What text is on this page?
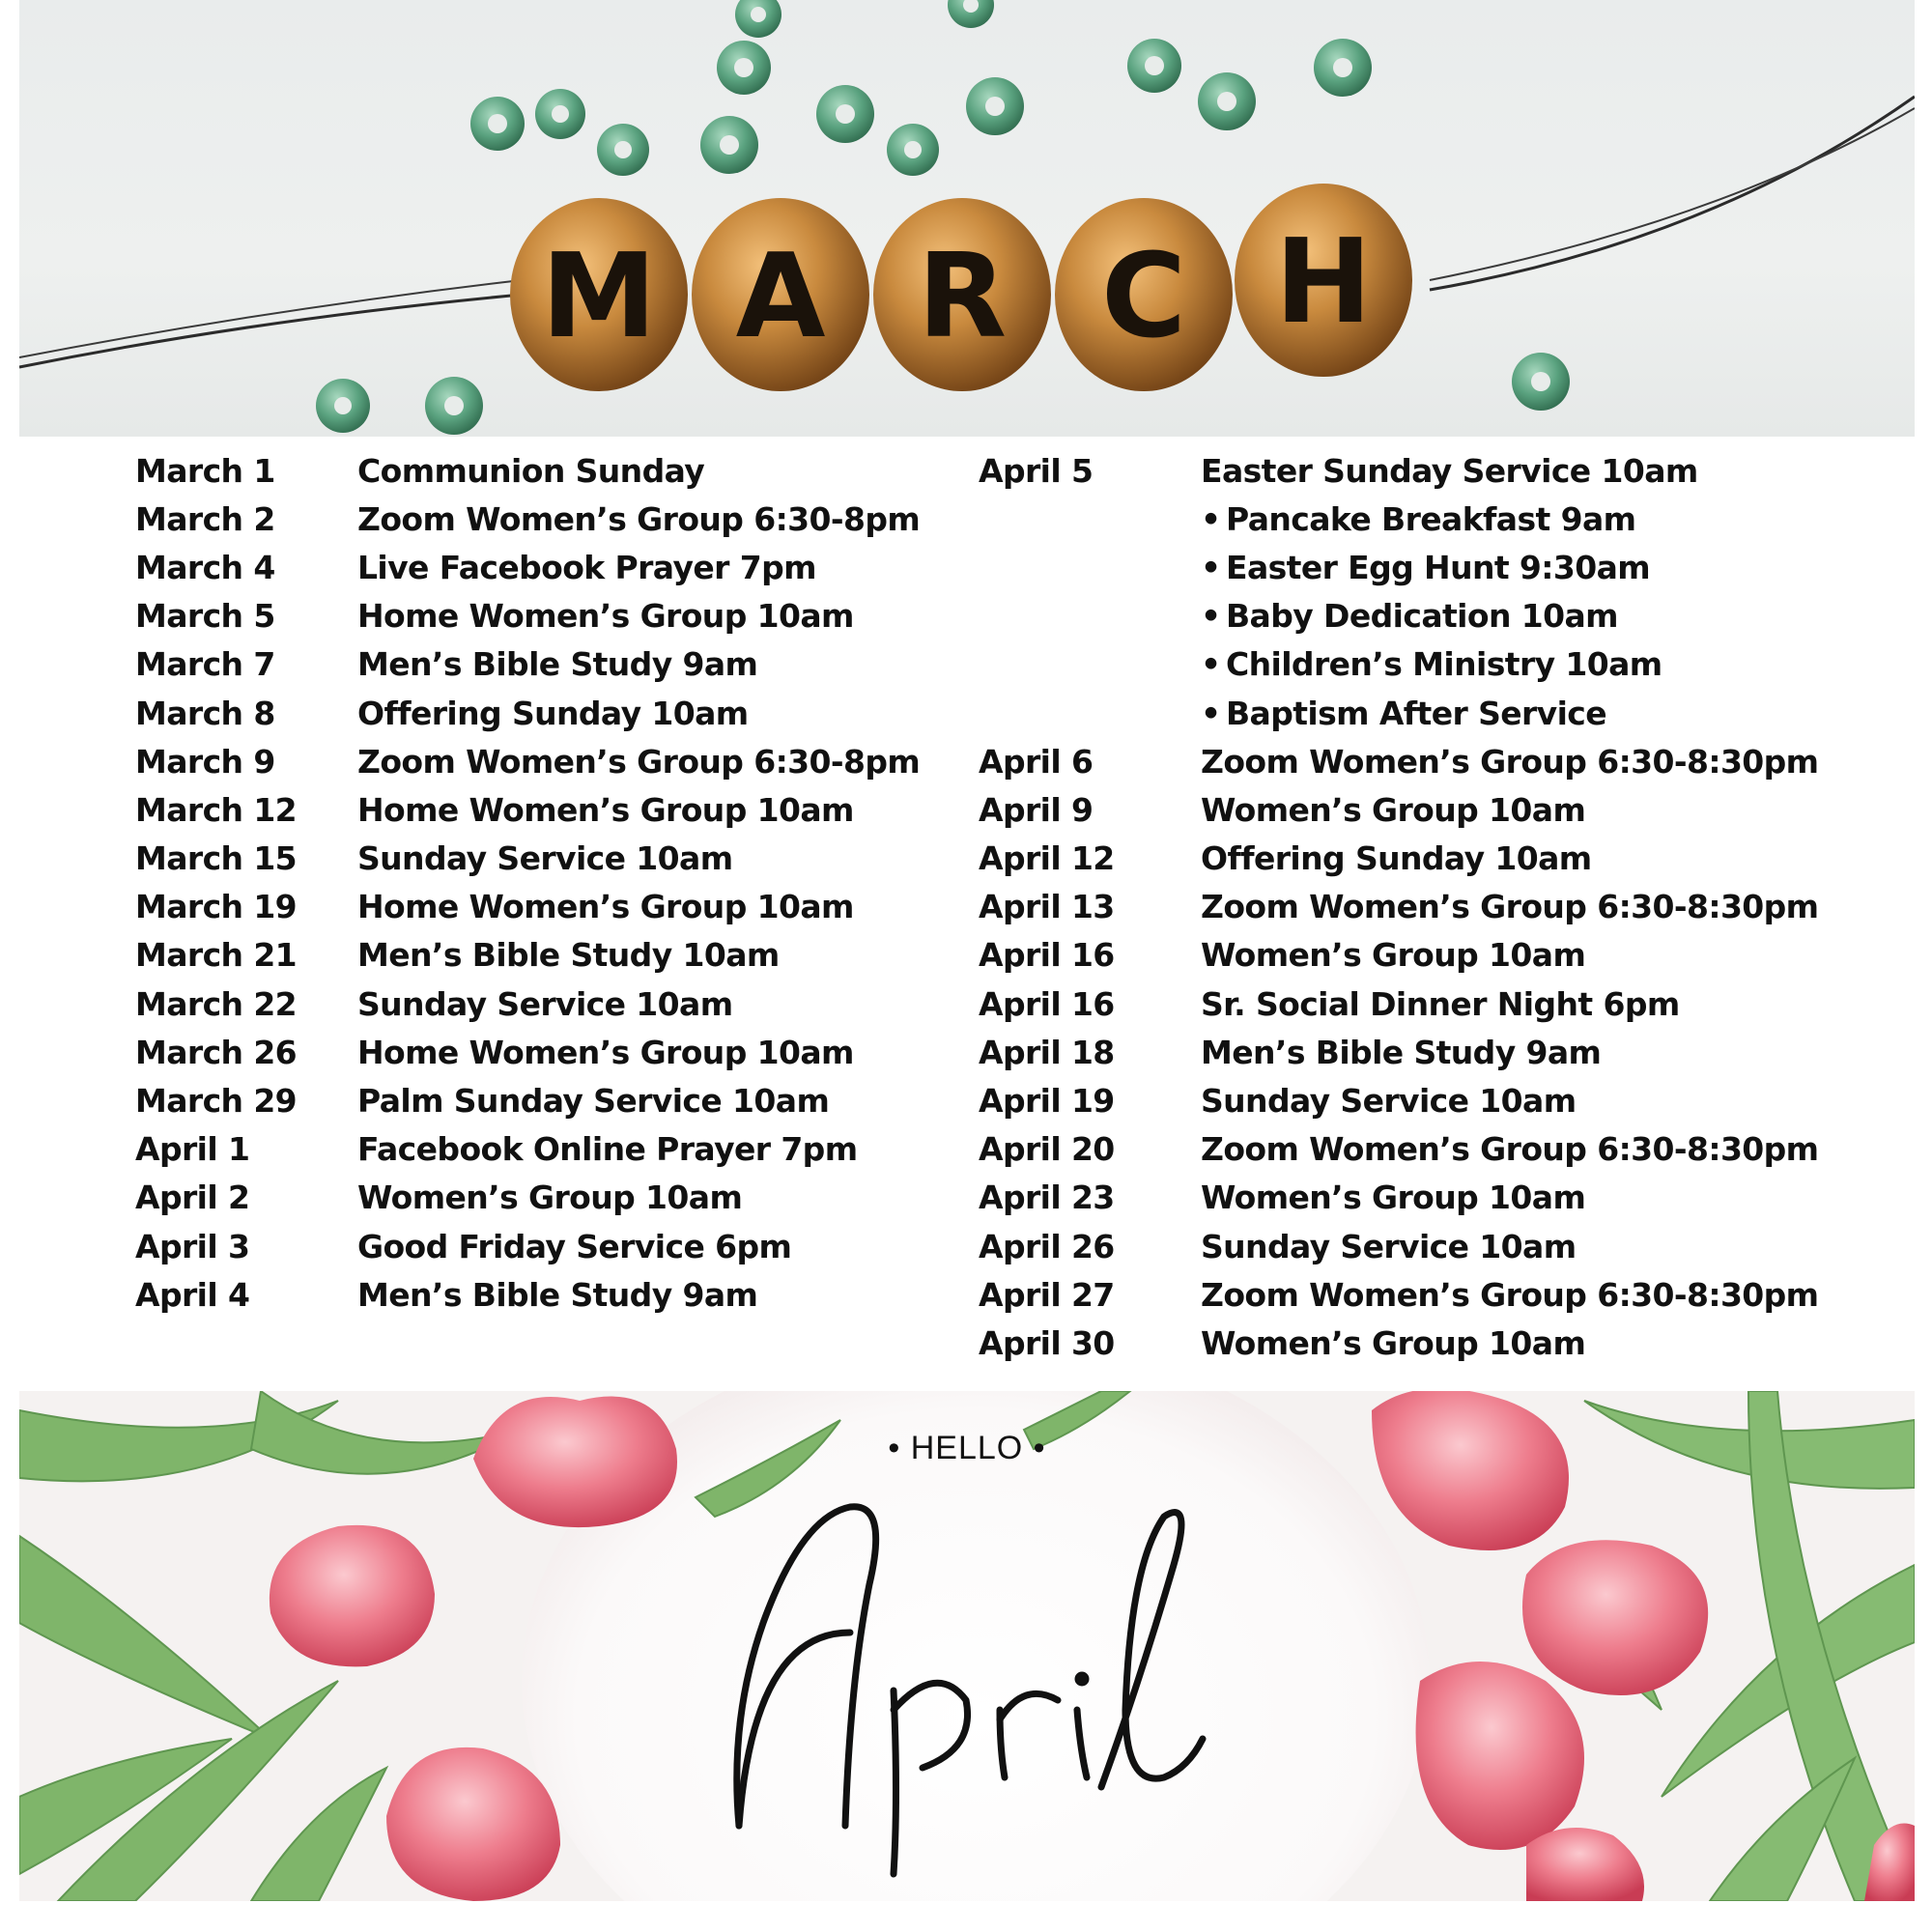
M A R C H
March 1	Communion Sunday
March 2	Zoom Women’s Group 6:30-8pm
March 4	Live Facebook Prayer 7pm
March 5	Home Women’s Group 10am
March 7	Men’s Bible Study 9am
March 8	Offering Sunday 10am
March 9	Zoom Women’s Group 6:30-8pm
March 12	Home Women’s Group 10am
March 15	Sunday Service 10am
March 19	Home Women’s Group 10am
March 21	Men’s Bible Study 10am
March 22	Sunday Service 10am
March 26	Home Women’s Group 10am
March 29	Palm Sunday Service 10am
April 1	Facebook Online Prayer 7pm
April 2	Women’s Group 10am
April 3	Good Friday Service 6pm
April 4	Men’s Bible Study 9am
April 5	Easter Sunday Service 10am
• Pancake Breakfast 9am
• Easter Egg Hunt 9:30am
• Baby Dedication 10am
• Children’s Ministry 10am
• Baptism After Service
April 6	Zoom Women’s Group 6:30-8:30pm
April 9	Women’s Group 10am
April 12	Offering Sunday 10am
April 13	Zoom Women’s Group 6:30-8:30pm
April 16	Women’s Group 10am
April 16	Sr. Social Dinner Night 6pm
April 18	Men’s Bible Study 9am
April 19	Sunday Service 10am
April 20	Zoom Women’s Group 6:30-8:30pm
April 23	Women’s Group 10am
April 26	Sunday Service 10am
April 27	Zoom Women’s Group 6:30-8:30pm
April 30	Women’s Group 10am
• HELLO •
